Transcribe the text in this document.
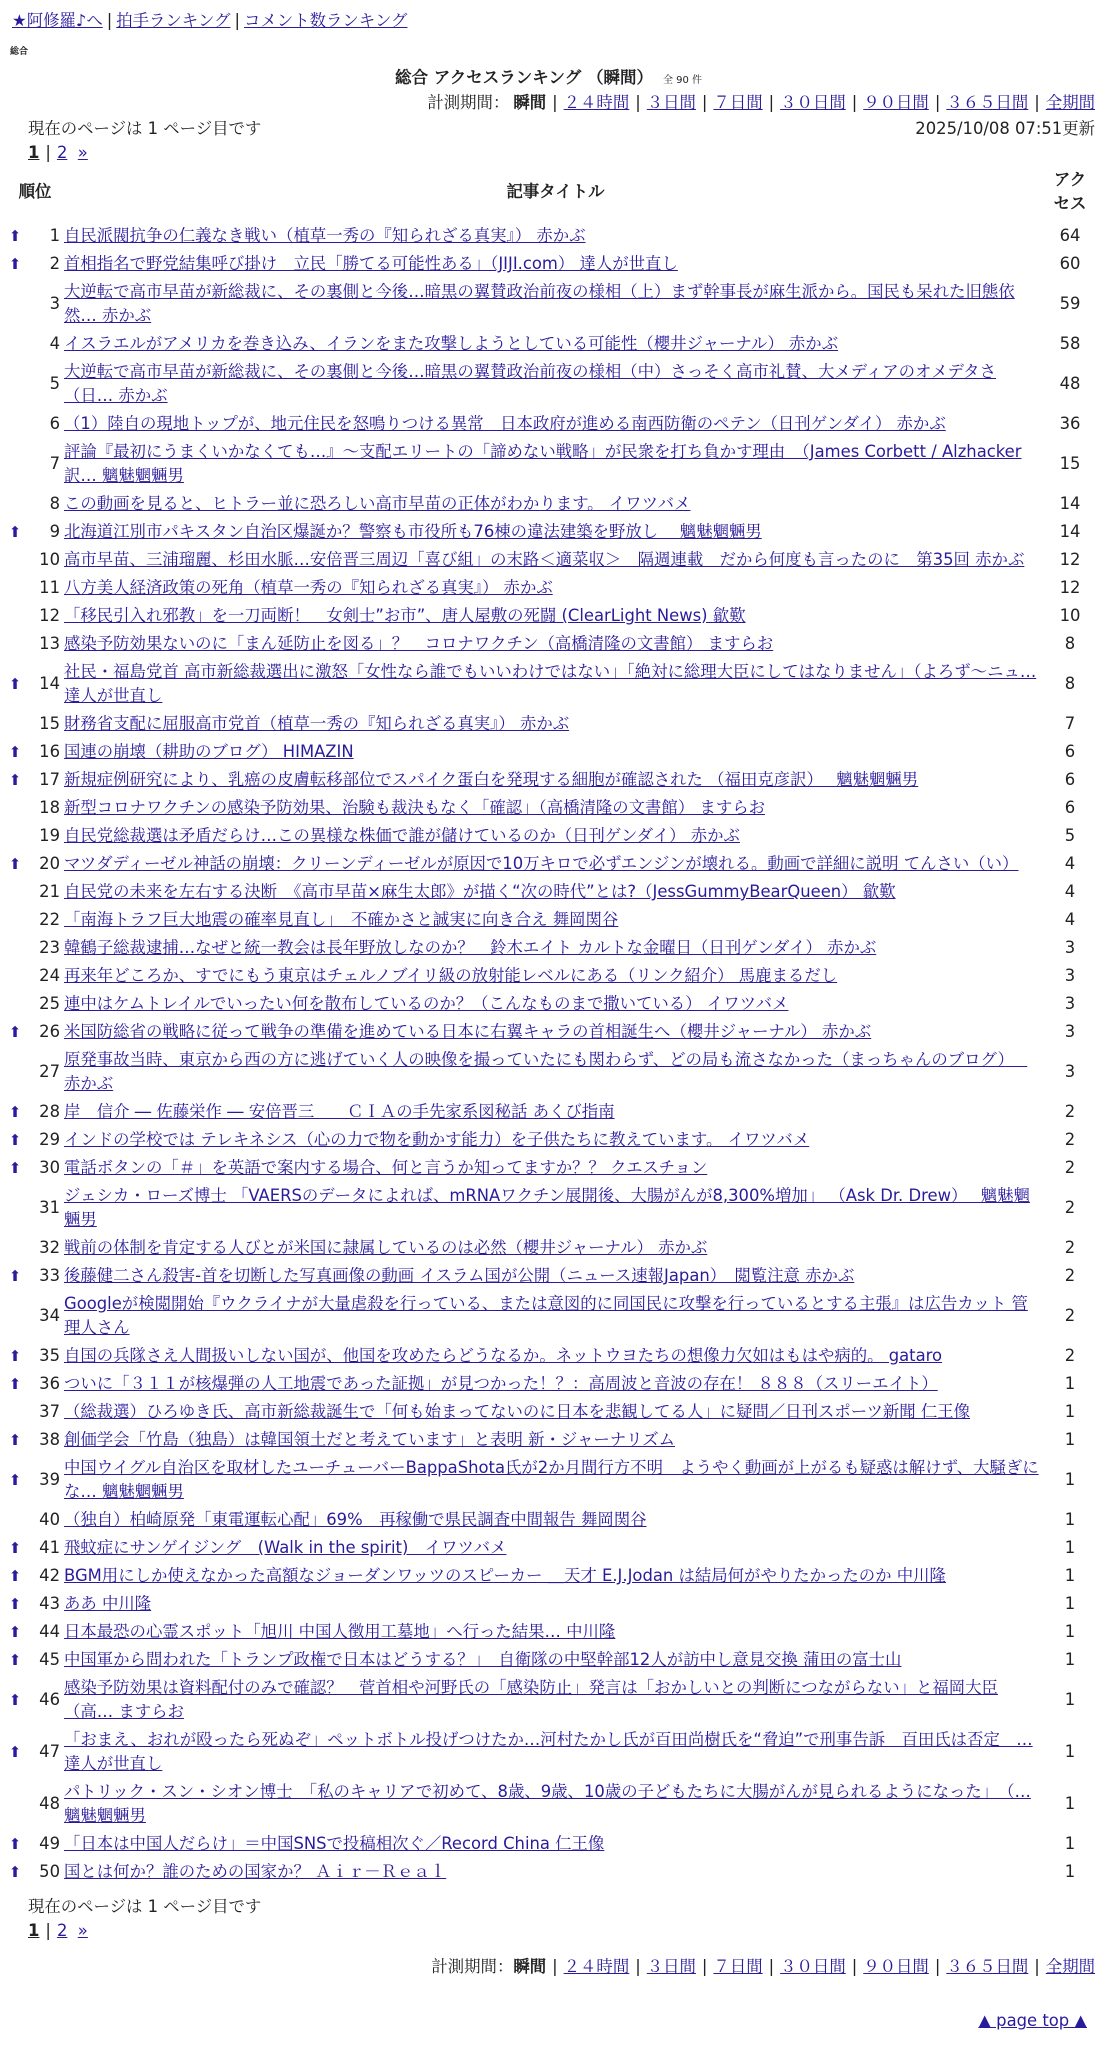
★阿修羅♪へ | 拍手ランキング | コメント数ランキング
総合
総合 アクセスランキング （瞬間） 全 90 件
計測期間： 瞬間 | ２４時間 | ３日間 | ７日間 | ３０日間 | ９０日間 | ３６５日間 | 全期間
現在のページは 1 ページ目です	2025/10/08 07:51更新
1 | 2 »
順位		記事タイトル	アクセス
⬆	1	自民派閥抗争の仁義なき戦い（植草一秀の『知られざる真実』） 赤かぶ	64
⬆	2	首相指名で野党結集呼び掛け　立民「勝てる可能性ある」（JIJI.com） 達人が世直し	60
	3	大逆転で高市早苗が新総裁に、その裏側と今後…暗黒の翼賛政治前夜の様相（上）まず幹事長が麻生派から。国民も呆れた旧態依然… 赤かぶ	59
	4	イスラエルがアメリカを巻き込み、イランをまた攻撃しようとしている可能性（櫻井ジャーナル） 赤かぶ	58
	5	大逆転で高市早苗が新総裁に、その裏側と今後…暗黒の翼賛政治前夜の様相（中）さっそく高市礼賛、大メディアのオメデタさ（日… 赤かぶ	48
	6	（1）陸自の現地トップが、地元住民を怒鳴りつける異常　日本政府が進める南西防衛のペテン（日刊ゲンダイ） 赤かぶ	36
	7	評論『最初にうまくいかなくても…』〜支配エリートの「諦めない戦略」が民衆を打ち負かす理由　（James Corbett / Alzhacker訳… 魑魅魍魎男	15
	8	この動画を見ると、ヒトラー並に恐ろしい高市早苗の正体がわかります。 イワツバメ	14
⬆	9	北海道江別市パキスタン自治区爆誕か？警察も市役所も76棟の違法建築を野放し　 魑魅魍魎男	14
	10	高市早苗、三浦瑠麗、杉田水脈…安倍晋三周辺「喜び組」の末路＜適菜収＞　隔週連載　だから何度も言ったのに　第35回 赤かぶ	12
	11	八方美人経済政策の死角（植草一秀の『知られざる真実』） 赤かぶ	12
	12	「移民引入れ邪教」を一刀両断！　女剣士”お市”、唐人屋敷の死闘 (ClearLight News) 歙歎	10
	13	感染予防効果ないのに「まん延防止を図る」？　コロナワクチン（高橋清隆の文書館） ますらお	8
⬆	14	社民・福島党首 高市新総裁選出に激怒「女性なら誰でもいいわけではない」「絶対に総理大臣にしてはなりません」（よろず〜ニュ… 達人が世直し	8
	15	財務省支配に屈服高市党首（植草一秀の『知られざる真実』） 赤かぶ	7
⬆	16	国連の崩壊（耕助のブログ） HIMAZIN	6
⬆	17	新規症例研究により、乳癌の皮膚転移部位でスパイク蛋白を発現する細胞が確認された （福田克彦訳）　 魑魅魍魎男	6
	18	新型コロナワクチンの感染予防効果、治験も裁決もなく「確認」（高橋清隆の文書館） ますらお	6
	19	自民党総裁選は矛盾だらけ…この異様な株価で誰が儲けているのか（日刊ゲンダイ） 赤かぶ	5
⬆	20	マツダディーゼル神話の崩壊：クリーンディーゼルが原因で10万キロで必ずエンジンが壊れる。動画で詳細に説明 てんさい（い）	4
	21	自民党の未来を左右する決断　《高市早苗×麻生太郎》が描く“次の時代”とは?（JessGummyBearQueen） 歙歎	4
	22	「南海トラフ巨大地震の確率見直し」　不確かさと誠実に向き合え 舞岡関谷	4
	23	韓鶴子総裁逮捕…なぜと統一教会は長年野放しなのか？　鈴木エイト カルトな金曜日（日刊ゲンダイ） 赤かぶ	3
	24	再来年どころか、すでにもう東京はチェルノブイリ級の放射能レベルにある（リンク紹介） 馬鹿まるだし	3
	25	連中はケムトレイルでいったい何を散布しているのか？（こんなものまで撒いている） イワツバメ	3
⬆	26	米国防総省の戦略に従って戦争の準備を進めている日本に右翼キャラの首相誕生へ（櫻井ジャーナル） 赤かぶ	3
	27	原発事故当時、東京から西の方に逃げていく人の映像を撮っていたにも関わらず、どの局も流さなかった（まっちゃんのブログ）　 赤かぶ	3
⬆	28	岸　信介 ― 佐藤栄作 ― 安倍晋三　　ＣＩＡの手先家系図秘話 あくび指南	2
⬆	29	インドの学校では テレキネシス（心の力で物を動かす能力）を子供たちに教えています。 イワツバメ	2
⬆	30	電話ボタンの「＃」を英語で案内する場合、何と言うか知ってますか？？ クエスチョン	2
	31	ジェシカ・ローズ博士 「VAERSのデータによれば、mRNAワクチン展開後、大腸がんが8,300%増加」 （Ask Dr. Drew）　 魑魅魍魎男	2
	32	戦前の体制を肯定する人びとが米国に隷属しているのは必然（櫻井ジャーナル） 赤かぶ	2
⬆	33	後藤健二さん殺害-首を切断した写真画像の動画 イスラム国が公開（ニュース速報Japan）　閲覧注意 赤かぶ	2
	34	Googleが検閲開始『ウクライナが大量虐殺を行っている、または意図的に同国民に攻撃を行っているとする主張』は広告カット 管理人さん	2
⬆	35	自国の兵隊さえ人間扱いしない国が、他国を攻めたらどうなるか。ネットウヨたちの想像力欠如はもはや病的。 gataro	2
⬆	36	ついに「３１１が核爆弾の人工地震であった証拠」が見つかった！？：高周波と音波の存在！ ８８８（スリーエイト）	1
	37	（総裁選）ひろゆき氏、高市新総裁誕生で「何も始まってないのに日本を悲観してる人」に疑問／日刊スポーツ新聞 仁王像	1
⬆	38	創価学会「竹島（独島）は韓国領土だと考えています」と表明 新・ジャーナリズム	1
⬆	39	中国ウイグル自治区を取材したユーチューバーBappaShota氏が2か月間行方不明　ようやく動画が上がるも疑惑は解けず、大騒ぎにな… 魑魅魍魎男	1
	40	（独自）柏崎原発「東電運転心配」69%　再稼働で県民調査中間報告 舞岡関谷	1
⬆	41	飛蚊症にサンゲイジング　(Walk in the spirit)　イワツバメ	1
⬆	42	BGM用にしか使えなかった高額なジョーダンワッツのスピーカー ＿天才 E.J.Jodan は結局何がやりたかったのか 中川隆	1
⬆	43	ああ 中川隆	1
⬆	44	日本最恐の心霊スポット「旭川 中国人徴用工墓地」へ行った結果… 中川隆	1
⬆	45	中国軍から問われた「トランプ政権で日本はどうする？」　自衛隊の中堅幹部12人が訪中し意見交換 蒲田の富士山	1
⬆	46	感染予防効果は資料配付のみで確認？　菅首相や河野氏の「感染防止」発言は「おかしいとの判断につながらない」と福岡大臣（高… ますらお	1
⬆	47	「おまえ、おれが殴ったら死ぬぞ」ペットボトル投げつけたか…河村たかし氏が百田尚樹氏を“脅迫”で刑事告訴　百田氏は否定　… 達人が世直し	1
	48	パトリック・スン・シオン博士　「私のキャリアで初めて、8歳、9歳、10歳の子どもたちに大腸がんが見られるようになった」　（… 魑魅魍魎男	1
⬆	49	「日本は中国人だらけ」＝中国SNSで投稿相次ぐ／Record China 仁王像	1
⬆	50	国とは何か？誰のための国家か？ Ａｉｒ－Ｒｅａｌ	1
現在のページは 1 ページ目です
1 | 2 »
計測期間：瞬間 | ２４時間 | ３日間 | ７日間 | ３０日間 | ９０日間 | ３６５日間 | 全期間
▲ page top ▲
